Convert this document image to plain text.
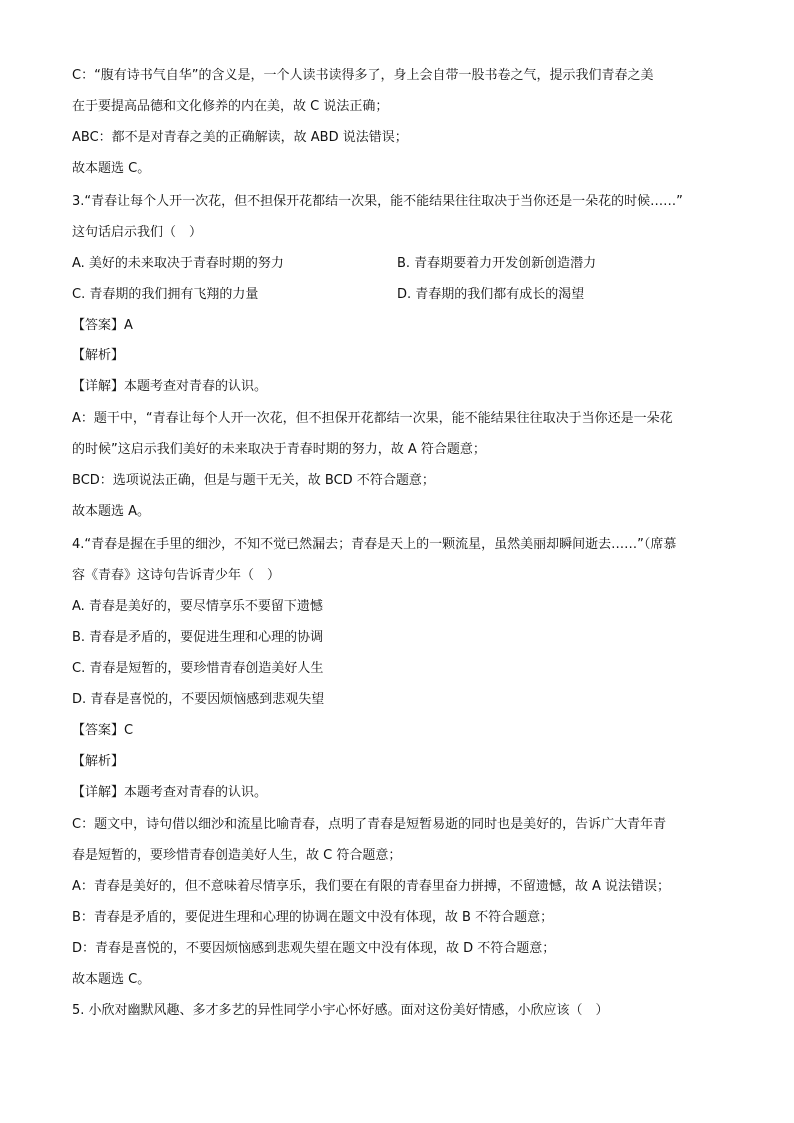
C：“腹有诗书气自华”的含义是，一个人读书读得多了，身上会自带一股书卷之气，提示我们青春之美
在于要提高品德和文化修养的内在美，故 C 说法正确；
ABC：都不是对青春之美的正确解读，故 ABD 说法错误；
故本题选 C。
3.“青春让每个人开一次花，但不担保开花都结一次果，能不能结果往往取决于当你还是一朵花的时候……”
这句话启示我们（　）
A. 美好的未来取决于青春时期的努力	B. 青春期要着力开发创新创造潜力
C. 青春期的我们拥有飞翔的力量	D. 青春期的我们都有成长的渴望
【答案】A
【解析】
【详解】本题考查对青春的认识。
A：题干中，“青春让每个人开一次花，但不担保开花都结一次果，能不能结果往往取决于当你还是一朵花
的时候”这启示我们美好的未来取决于青春时期的努力，故 A 符合题意；
BCD：选项说法正确，但是与题干无关，故 BCD 不符合题意；
故本题选 A。
4.“青春是握在手里的细沙，不知不觉已然漏去；青春是天上的一颗流星，虽然美丽却瞬间逝去……”（席慕
容《青春》这诗句告诉青少年（　）
A. 青春是美好的，要尽情享乐不要留下遗憾
B. 青春是矛盾的，要促进生理和心理的协调
C. 青春是短暂的，要珍惜青春创造美好人生
D. 青春是喜悦的，不要因烦恼感到悲观失望
【答案】C
【解析】
【详解】本题考查对青春的认识。
C：题文中，诗句借以细沙和流星比喻青春，点明了青春是短暂易逝的同时也是美好的，告诉广大青年青
春是短暂的，要珍惜青春创造美好人生，故 C 符合题意；
A：青春是美好的，但不意味着尽情享乐，我们要在有限的青春里奋力拼搏，不留遗憾，故 A 说法错误；
B：青春是矛盾的，要促进生理和心理的协调在题文中没有体现，故 B 不符合题意；
D：青春是喜悦的，不要因烦恼感到悲观失望在题文中没有体现，故 D 不符合题意；
故本题选 C。
5. 小欣对幽默风趣、多才多艺的异性同学小宇心怀好感。面对这份美好情感，小欣应该（　）
